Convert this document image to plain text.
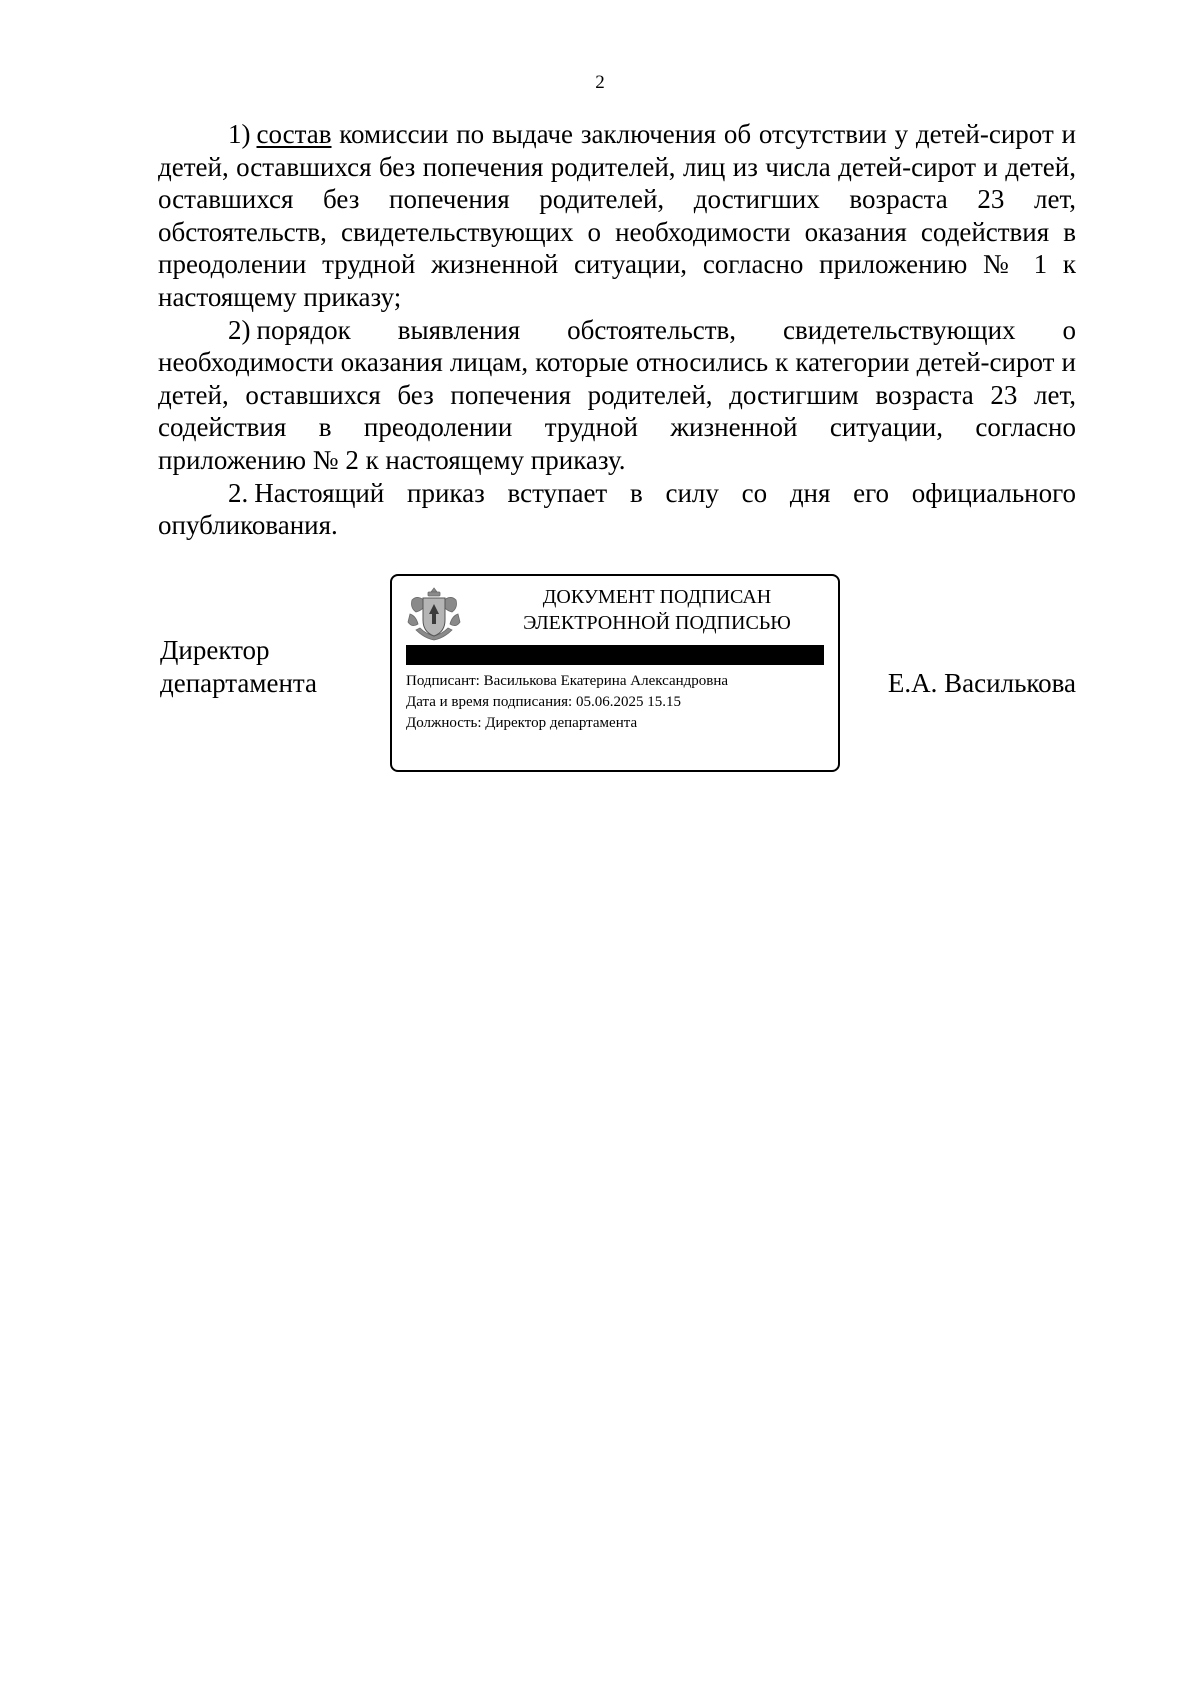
2

1) состав комиссии по выдаче заключения об отсутствии у детей-сирот и детей, оставшихся без попечения родителей, лиц из числа детей-сирот и детей, оставшихся без попечения родителей, достигших возраста 23 лет, обстоятельств, свидетельствующих о необходимости оказания содействия в преодолении трудной жизненной ситуации, согласно приложению № 1 к настоящему приказу;

2) порядок выявления обстоятельств, свидетельствующих о необходимости оказания лицам, которые относились к категории детей-сирот и детей, оставшихся без попечения родителей, достигшим возраста 23 лет, содействия в преодолении трудной жизненной ситуации, согласно приложению № 2 к настоящему приказу.

2. Настоящий приказ вступает в силу со дня его официального опубликования.

Директор
департамента
ДОКУМЕНТ ПОДПИСАН
ЭЛЕКТРОННОЙ ПОДПИСЬЮ
Подписант: Василькова Екатерина Александровна
Дата и время подписания: 05.06.2025 15.15
Должность: Директор департамента
Е.А. Василькова
